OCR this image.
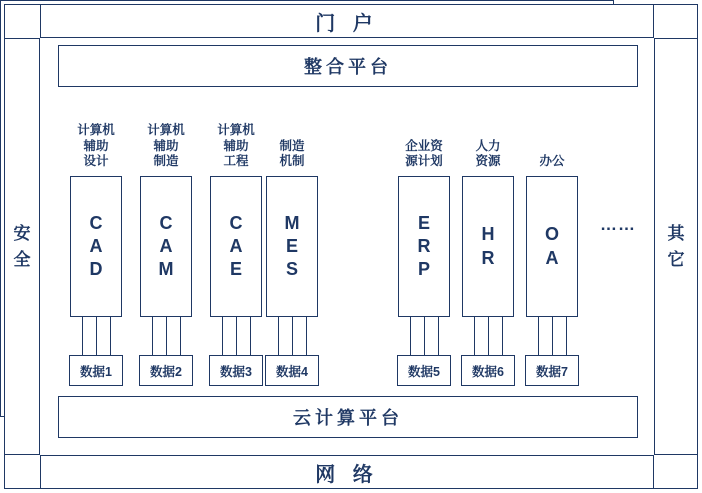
门 户
网 络
安
全
其
它
整合平台
云计算平台
……
计算机
辅助
设计
C
A
D
数据1
计算机
辅助
制造
C
A
M
数据2
计算机
辅助
工程
C
A
E
数据3
制造
机制
M
E
S
数据4
企业资
源计划
E
R
P
数据5
人力
资源
H
R
数据6
办公
O
A
数据7
